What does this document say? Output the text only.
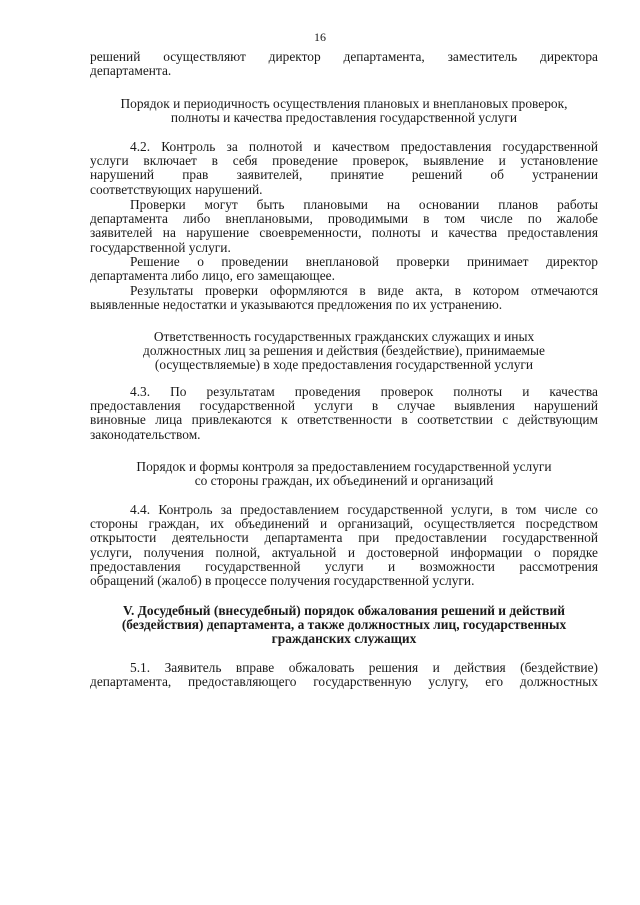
16

решений осуществляют директор департамента, заместитель директора

департамента.

Порядок и периодичность осуществления плановых и внеплановых проверок,

полноты и качества предоставления государственной услуги

4.2. Контроль за полнотой и качеством предоставления государственной

услуги включает в себя проведение проверок, выявление и установление

нарушений прав заявителей, принятие решений об устранении

соответствующих нарушений.

Проверки могут быть плановыми на основании планов работы

департамента либо внеплановыми, проводимыми в том числе по жалобе

заявителей на нарушение своевременности, полноты и качества предоставления

государственной услуги.

Решение о проведении внеплановой проверки принимает директор

департамента либо лицо, его замещающее.

Результаты проверки оформляются в виде акта, в котором отмечаются

выявленные недостатки и указываются предложения по их устранению.

Ответственность государственных гражданских служащих и иных

должностных лиц за решения и действия (бездействие), принимаемые

(осуществляемые) в ходе предоставления государственной услуги

4.3. По результатам проведения проверок полноты и качества

предоставления государственной услуги в случае выявления нарушений

виновные лица привлекаются к ответственности в соответствии с действующим

законодательством.

Порядок и формы контроля за предоставлением государственной услуги

со стороны граждан, их объединений и организаций

4.4. Контроль за предоставлением государственной услуги, в том числе со

стороны граждан, их объединений и организаций, осуществляется посредством

открытости деятельности департамента при предоставлении государственной

услуги, получения полной, актуальной и достоверной информации о порядке

предоставления государственной услуги и возможности рассмотрения

обращений (жалоб) в процессе получения государственной услуги.

V. Досудебный (внесудебный) порядок обжалования решений и действий

(бездействия) департамента, а также должностных лиц, государственных

гражданских служащих

5.1. Заявитель вправе обжаловать решения и действия (бездействие)

департамента, предоставляющего государственную услугу, его должностных
